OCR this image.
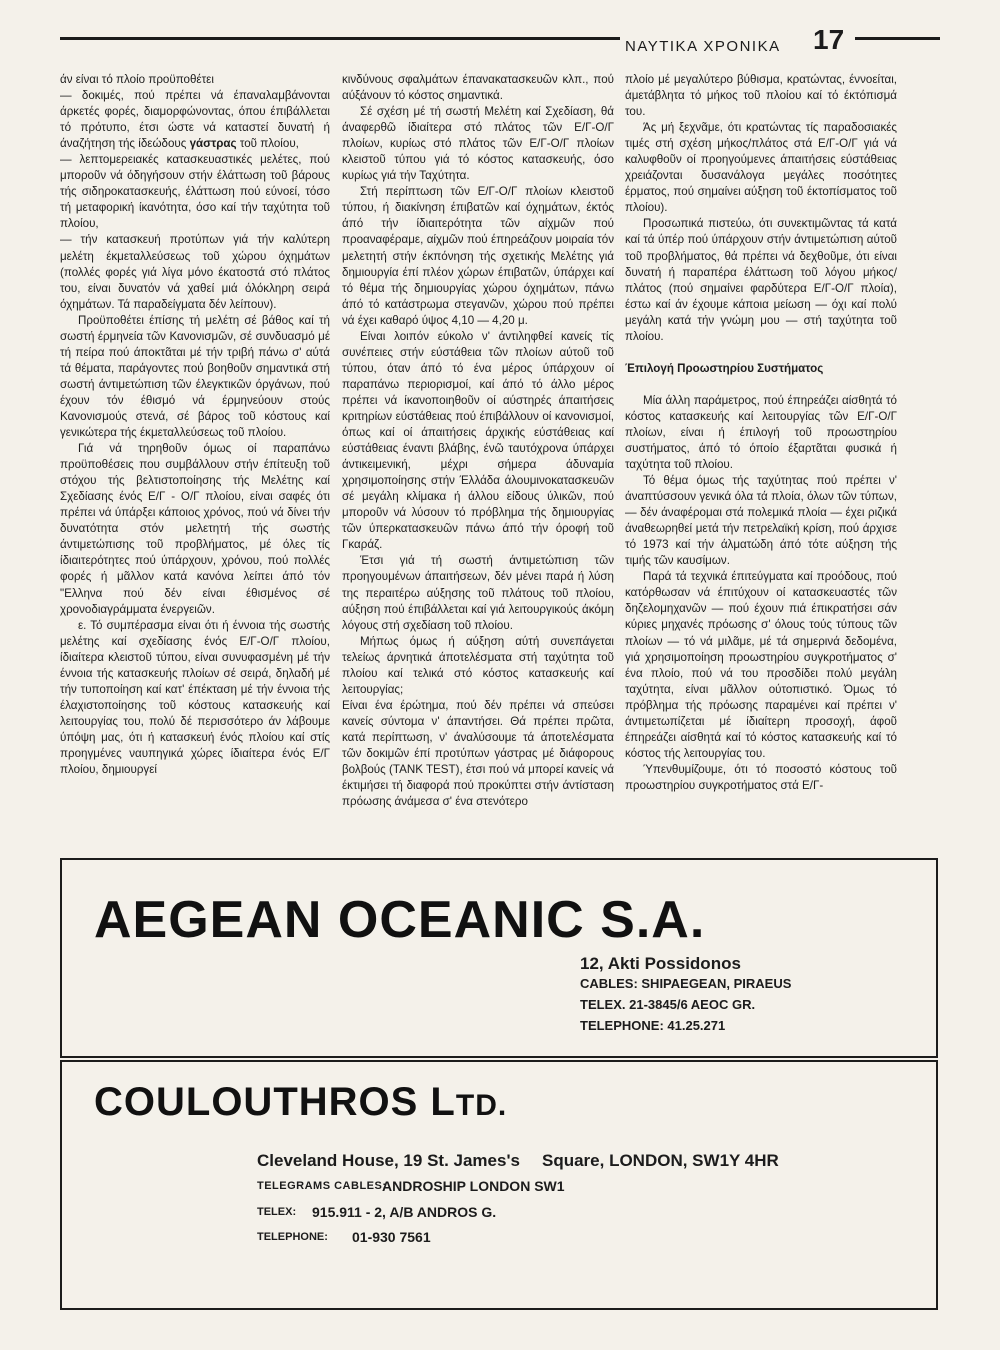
ΝΑΥΤΙΚΑ ΧΡΟΝΙΚΑ 17

άν είναι τό πλοίο προϋποθέτει

— δοκιμές, πού πρέπει νά έπαναλαμβάνονται άρκετές φορές, διαμορφώνοντας, όπου έπιβάλλεται τό πρότυπο, έτσι ώστε νά καταστεί δυνατή ή άναζήτηση τής ίδεώδους γάστρας τοῦ πλοίου,

— λεπτομερειακές κατασκευαστικές μελέτες, πού μποροῦν νά όδηγήσουν στήν έλάττωση τοῦ βάρους τής σιδηροκατασκευής, έλάττωση πού εύνοεί, τόσο τή μεταφορική ίκανότητα, όσο καί τήν ταχύτητα τοῦ πλοίου,

— τήν κατασκευή προτύπων γιά τήν καλύτερη μελέτη έκμεταλλεύσεως τοῦ χώρου όχημάτων (πολλές φορές γιά λίγα μόνο έκατοστά στό πλάτος του, είναι δυνατόν νά χαθεί μιά όλόκληρη σειρά όχημάτων. Τά παραδείγματα δέν λείπουν).

Προϋποθέτει έπίσης τή μελέτη σέ βάθος καί τή σωστή έρμηνεία τῶν Κανονισμῶν, σέ συνδυασμό μέ τή πείρα πού άποκτᾶται μέ τήν τριβή πάνω σ' αύτά τά θέματα, παράγοντες πού βοηθοῦν σημαντικά στή σωστή άντιμετώπιση τῶν έλεγκτικῶν όργάνων, πού έχουν τόν έθισμό νά έρμηνεύουν στούς Κανονισμούς στενά, σέ βάρος τοῦ κόστους καί γενικώτερα τής έκμεταλλεύσεως τοῦ πλοίου.

Γιά νά τηρηθοῦν όμως οί παραπάνω προϋποθέσεις που συμβάλλουν στήν έπίτευξη τοῦ στόχου τής βελτιστοποίησης τής Μελέτης καί Σχεδίασης ένός Ε/Γ - Ο/Γ πλοίου, είναι σαφές ότι πρέπει νά ύπάρξει κάποιος χρόνος, πού νά δίνει τήν δυνατότητα στόν μελετητή τής σωστής άντιμετώπισης τοῦ προβλήματος, μέ όλες τίς ίδιαιτερότητες πού ύπάρχουν, χρόνου, πού πολλές φορές ή μᾶλλον κατά κανόνα λείπει άπό τόν "Ελληνα πού δέν είναι έθισμένος σέ χρονοδιαγράμματα ένεργειῶν.

ε. Τό συμπέρασμα είναι ότι ή έννοια τής σωστής μελέτης καί σχεδίασης ένός Ε/Γ-Ο/Γ πλοίου, ίδιαίτερα κλειστοῦ τύπου, είναι συνυφασμένη μέ τήν έννοια τής κατασκευής πλοίων σέ σειρά, δηλαδή μέ τήν τυποποίηση καί κατ' έπέκταση μέ τήν έννοια τής έλαχιστοποίησης τοῦ κόστους κατασκευής καί λειτουργίας του, πολύ δέ περισσότερο άν λάβουμε ύπόψη μας, ότι ή κατασκευή ένός πλοίου καί στίς προηγμένες ναυπηγικά χώρες ίδιαίτερα ένός Ε/Γ πλοίου, δημιουργεί

κινδύνους σφαλμάτων έπανακατασκευῶν κλπ., πού αύξάνουν τό κόστος σημαντικά.

Σέ σχέση μέ τή σωστή Μελέτη καί Σχεδίαση, θά άναφερθῶ ίδιαίτερα στό πλάτος τῶν Ε/Γ-Ο/Γ πλοίων, κυρίως στό πλάτος τῶν Ε/Γ-Ο/Γ πλοίων κλειστοῦ τύπου γιά τό κόστος κατασκευής, όσο κυρίως γιά τήν Ταχύτητα.

Στή περίπτωση τῶν Ε/Γ-Ο/Γ πλοίων κλειστοῦ τύπου, ή διακίνηση έπιβατῶν καί όχημάτων, έκτός άπό τήν ίδιαιτερότητα τῶν αίχμῶν πού προαναφέραμε, αίχμῶν πού έπηρεάζουν μοιραία τόν μελετητή στήν έκπόνηση τής σχετικής Μελέτης γιά δημιουργία έπί πλέον χώρων έπιβατῶν, ύπάρχει καί τό θέμα τής δημιουργίας χώρου όχημάτων, πάνω άπό τό κατάστρωμα στεγανῶν, χώρου πού πρέπει νά έχει καθαρό ύψος 4,10 — 4,20 μ.

Είναι λοιπόν εύκολο ν' άντιληφθεί κανείς τίς συνέπειες στήν εύστάθεια τῶν πλοίων αύτοῦ τοῦ τύπου, όταν άπό τό ένα μέρος ύπάρχουν οί παραπάνω περιορισμοί, καί άπό τό άλλο μέρος πρέπει νά ίκανοποιηθοῦν οί αύστηρές άπαιτήσεις κριτηρίων εύστάθειας πού έπιβάλλουν οί κανονισμοί, όπως καί οί άπαιτήσεις άρχικής εύστάθειας καί εύστάθειας έναντι βλάβης, ένῶ ταυτόχρονα ύπάρχει άντικειμενική, μέχρι σήμερα άδυναμία χρησιμοποίησης στήν Έλλάδα άλουμινοκατασκευῶν σέ μεγάλη κλίμακα ή άλλου είδους ύλικῶν, πού μποροῦν νά λύσουν τό πρόβλημα τής δημιουργίας τῶν ύπερκατασκευῶν πάνω άπό τήν όροφή τοῦ Γκαράζ.

Έτσι γιά τή σωστή άντιμετώπιση τῶν προηγουμένων άπαιτήσεων, δέν μένει παρά ή λύση της περαιτέρω αύξησης τοῦ πλάτους τοῦ πλοίου, αύξηση πού έπιβάλλεται καί γιά λειτουργικούς άκόμη λόγους στή σχεδίαση τοῦ πλοίου.

Μήπως όμως ή αύξηση αύτή συνεπάγεται τελείως άρνητικά άποτελέσματα στή ταχύτητα τοῦ πλοίου καί τελικά στό κόστος κατασκευής καί λειτουργίας;

Είναι ένα έρώτημα, πού δέν πρέπει νά σπεύσει κανείς σύντομα ν' άπαντήσει. Θά πρέπει πρῶτα, κατά περίπτωση, ν' άναλύσουμε τά άποτελέσματα τῶν δοκιμῶν έπί προτύπων γάστρας μέ διάφορους βολβούς (TANK TEST), έτσι πού νά μπορεί κανείς νά έκτιμήσει τή διαφορά πού προκύπτει στήν άντίσταση πρόωσης άνάμεσα σ' ένα στενότερο

πλοίο μέ μεγαλύτερο βύθισμα, κρατώντας, έννοείται, άμετάβλητα τό μήκος τοῦ πλοίου καί τό έκτόπισμά του.

Άς μή ξεχνᾶμε, ότι κρατώντας τίς παραδοσιακές τιμές στή σχέση μήκος/πλάτος στά Ε/Γ-Ο/Γ γιά νά καλυφθοῦν οί προηγούμενες άπαιτήσεις εύστάθειας χρειάζονται δυσανάλογα μεγάλες ποσότητες έρματος, πού σημαίνει αύξηση τοῦ έκτοπίσματος τοῦ πλοίου).

Προσωπικά πιστεύω, ότι συνεκτιμῶντας τά κατά καί τά ύπέρ πού ύπάρχουν στήν άντιμετώπιση αύτοῦ τοῦ προβλήματος, θά πρέπει νά δεχθοῦμε, ότι είναι δυνατή ή παραπέρα έλάττωση τοῦ λόγου μήκος/πλάτος (πού σημαίνει φαρδύτερα Ε/Γ-Ο/Γ πλοία), έστω καί άν έχουμε κάποια μείωση — όχι καί πολύ μεγάλη κατά τήν γνώμη μου — στή ταχύτητα τοῦ πλοίου.

Έπιλογή Προωστηρίου Συστήματος

Μία άλλη παράμετρος, πού έπηρεάζει αίσθητά τό κόστος κατασκευής καί λειτουργίας τῶν Ε/Γ-Ο/Γ πλοίων, είναι ή έπιλογή τοῦ προωστηρίου συστήματος, άπό τό όποίο έξαρτᾶται φυσικά ή ταχύτητα τοῦ πλοίου.

Τό θέμα όμως τής ταχύτητας πού πρέπει ν' άναπτύσσουν γενικά όλα τά πλοία, όλων τῶν τύπων, — δέν άναφέρομαι στά πολεμικά πλοία — έχει ριζικά άναθεωρηθεί μετά τήν πετρελαϊκή κρίση, πού άρχισε τό 1973 καί τήν άλματώδη άπό τότε αύξηση τής τιμής τῶν καυσίμων.

Παρά τά τεχνικά έπιτεύγματα καί προόδους, πού κατόρθωσαν νά έπιτύχουν οί κατασκευαστές τῶν δηζελομηχανῶν — πού έχουν πιά έπικρατήσει σάν κύριες μηχανές πρόωσης σ' όλους τούς τύπους τῶν πλοίων — τό νά μιλᾶμε, μέ τά σημερινά δεδομένα, γιά χρησιμοποίηση προωστηρίου συγκροτήματος σ' ένα πλοίο, πού νά του προσδίδει πολύ μεγάλη ταχύτητα, είναι μᾶλλον ούτοπιστικό. Όμως τό πρόβλημα τής πρόωσης παραμένει καί πρέπει ν' άντιμετωπίζεται μέ ίδιαίτερη προσοχή, άφοῦ έπηρεάζει αίσθητά καί τό κόστος κατασκευής καί τό κόστος τής λειτουργίας του.

Ύπενθυμίζουμε, ότι τό ποσοστό κόστους τοῦ προωστηρίου συγκροτήματος στά Ε/Γ-

AEGEAN OCEANIC S.A.
12, Akti Possidonos
CABLES: SHIPAEGEAN, PIRAEUS
TELEX. 21-3845/6 AEOC GR.
TELEPHONE: 41.25.271
COULOUTHROS LTD.
Cleveland House, 19 St. James's Square, LONDON, SW1Y 4HR
TELEGRAMS CABLES:
ANDROSHIP LONDON SW1
TELEX: 915.911 - 2, A/B ANDROS G.
TELEPHONE: 01-930 7561
